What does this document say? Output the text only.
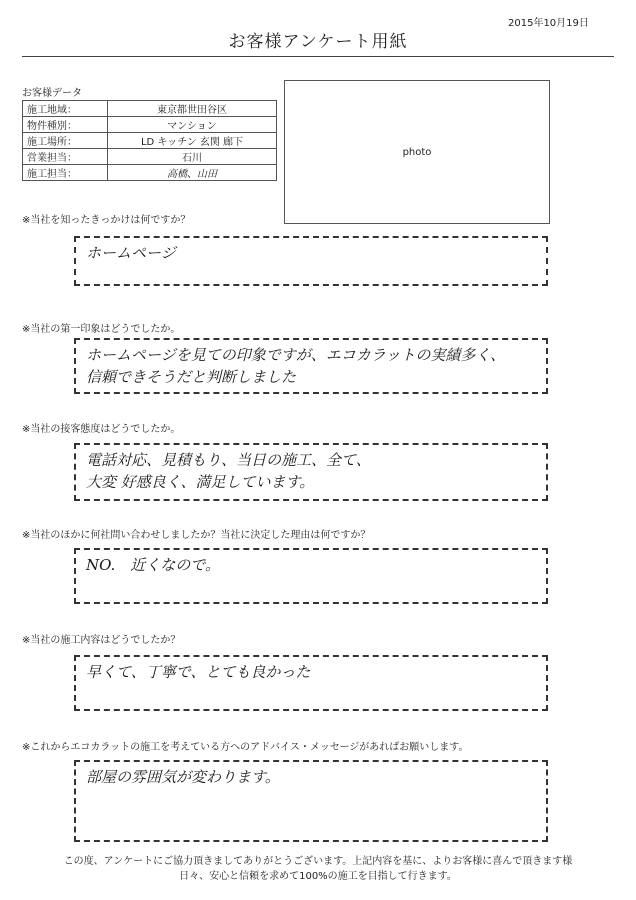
2015年10月19日
お客様アンケート用紙
お客様データ
施工地域：	東京都世田谷区
物件種別：	マンション
施工場所：	LD キッチン 玄関 廊下
営業担当：	石川
施工担当：	高橋、山田
photo
※当社を知ったきっかけは何ですか？
ホームページ
※当社の第一印象はどうでしたか。
ホームページを見ての印象ですが、エコカラットの実績多く、
信頼できそうだと判断しました
※当社の接客態度はどうでしたか。
電話対応、見積もり、当日の施工、全て、
大変 好感良く、満足しています。
※当社のほかに何社問い合わせしましたか？当社に決定した理由は何ですか？
NO.　近くなので。
※当社の施工内容はどうでしたか？
早くて、丁寧で、とても良かった
※これからエコカラットの施工を考えている方へのアドバイス・メッセージがあればお願いします。
部屋の雰囲気が変わります。
この度、アンケートにご協力頂きましてありがとうございます。上記内容を基に、よりお客様に喜んで頂きます様
日々、安心と信頼を求めて100%の施工を目指して行きます。
